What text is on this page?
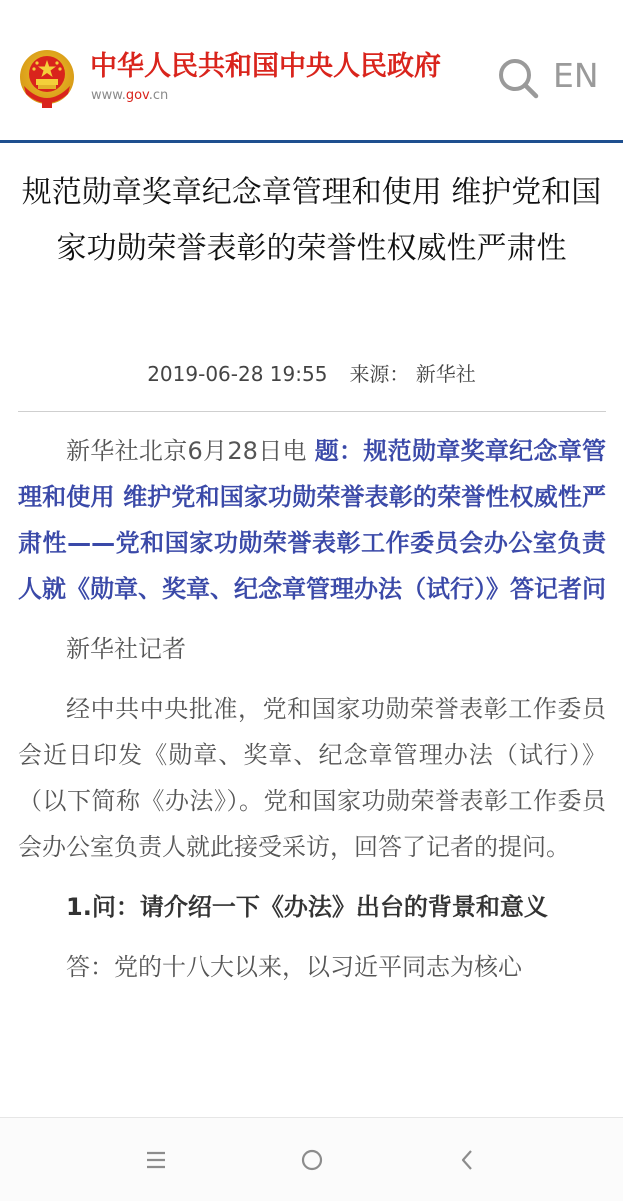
中华人民共和国中央人民政府
www.gov.cn
EN
规范勋章奖章纪念章管理和使用 维护党和国家功勋荣誉表彰的荣誉性权威性严肃性
2019-06-28 19:55 来源： 新华社

新华社北京6月28日电 题：规范勋章奖章纪念章管理和使用 维护党和国家功勋荣誉表彰的荣誉性权威性严肃性——党和国家功勋荣誉表彰工作委员会办公室负责人就《勋章、奖章、纪念章管理办法（试行）》答记者问

新华社记者

经中共中央批准，党和国家功勋荣誉表彰工作委员会近日印发《勋章、奖章、纪念章管理办法（试行）》（以下简称《办法》）。党和国家功勋荣誉表彰工作委员会办公室负责人就此接受采访，回答了记者的提问。

1.问：请介绍一下《办法》出台的背景和意义

答：党的十八大以来，以习近平同志为核心
